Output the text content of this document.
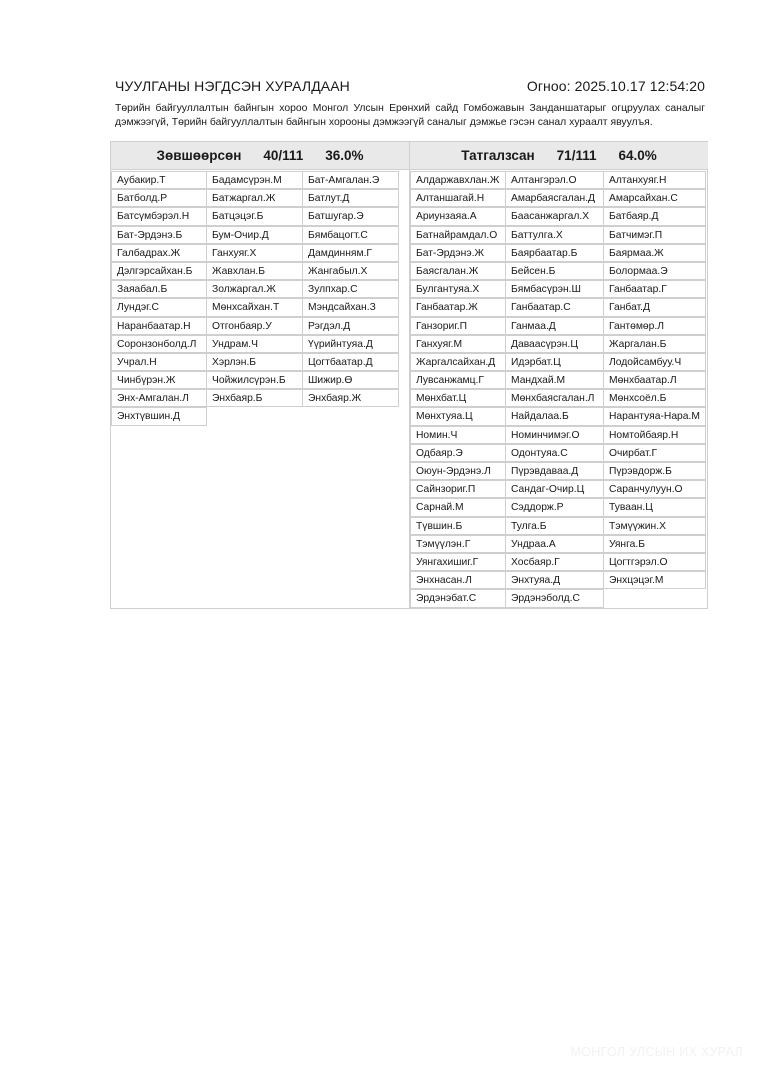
ЧУУЛГАНЫ НЭГДСЭН ХУРАЛДААН	Огноо: 2025.10.17 12:54:20
Төрийн байгууллалтын байнгын хороо Монгол Улсын Ерөнхий сайд Гомбожавын Занданшатарыг огцруулах саналыг дэмжээгүй, Төрийн байгууллалтын байнгын хорооны дэмжээгүй саналыг дэмжье гэсэн санал хураалт явуулъя.
Зөвшөөрсөн 40/111 36.0%
Аубакир.Т	Бадамсүрэн.М	Бат-Амгалан.Э
Батболд.Р	Батжаргал.Ж	Батлут.Д
Батсүмбэрэл.Н	Батцэцэг.Б	Батшугар.Э
Бат-Эрдэнэ.Б	Бум-Очир.Д	Бямбацогт.С
Галбадрах.Ж	Ганхуяг.Х	Дамдинням.Г
Дэлгэрсайхан.Б	Жавхлан.Б	Жангабыл.Х
Заяабал.Б	Золжаргал.Ж	Зулпхар.С
Лундэг.С	Мөнхсайхан.Т	Мэндсайхан.З
Наранбаатар.Н	Отгонбаяр.У	Рэгдэл.Д
Соронзонболд.Л	Ундрам.Ч	Үүрийнтуяа.Д
Учрал.Н	Хэрлэн.Б	Цогтбаатар.Д
Чинбүрэн.Ж	Чойжилсүрэн.Б	Шижир.Ө
Энх-Амгалан.Л	Энхбаяр.Б	Энхбаяр.Ж
Энхтүвшин.Д
Татгалзсан 71/111 64.0%
Алдаржавхлан.Ж	Алтангэрэл.О	Алтанхуяг.Н
Алтаншагай.Н	Амарбаясгалан.Д	Амарсайхан.С
Ариунзаяа.А	Баасанжаргал.Х	Батбаяр.Д
Батнайрамдал.О	Баттулга.Х	Батчимэг.П
Бат-Эрдэнэ.Ж	Баярбаатар.Б	Баярмаа.Ж
Баясгалан.Ж	Бейсен.Б	Болормаа.Э
Булгантуяа.Х	Бямбасүрэн.Ш	Ганбаатар.Г
Ганбаатар.Ж	Ганбаатар.С	Ганбат.Д
Ганзориг.П	Ганмаа.Д	Гантөмөр.Л
Ганхуяг.М	Даваасүрэн.Ц	Жаргалан.Б
Жаргалсайхан.Д	Идэрбат.Ц	Лодойсамбуу.Ч
Лувсанжамц.Г	Мандхай.М	Мөнхбаатар.Л
Мөнхбат.Ц	Мөнхбаясгалан.Л	Мөнхсоёл.Б
Мөнхтуяа.Ц	Найдалаа.Б	Нарантуяа-Нара.М
Номин.Ч	Номинчимэг.О	Номтойбаяр.Н
Одбаяр.Э	Одонтуяа.С	Очирбат.Г
Оюун-Эрдэнэ.Л	Пүрэвдаваа.Д	Пүрэвдорж.Б
Сайнзориг.П	Сандаг-Очир.Ц	Саранчулуун.О
Сарнай.М	Сэддорж.Р	Туваан.Ц
Түвшин.Б	Тулга.Б	Тэмүүжин.Х
Тэмүүлэн.Г	Ундраа.А	Уянга.Б
Уянгахишиг.Г	Хосбаяр.Г	Цогтгэрэл.О
Энхнасан.Л	Энхтуяа.Д	Энхцэцэг.М
Эрдэнэбат.С	Эрдэнэболд.С
МОНГОЛ УЛСЫН ИХ ХУРАЛ
